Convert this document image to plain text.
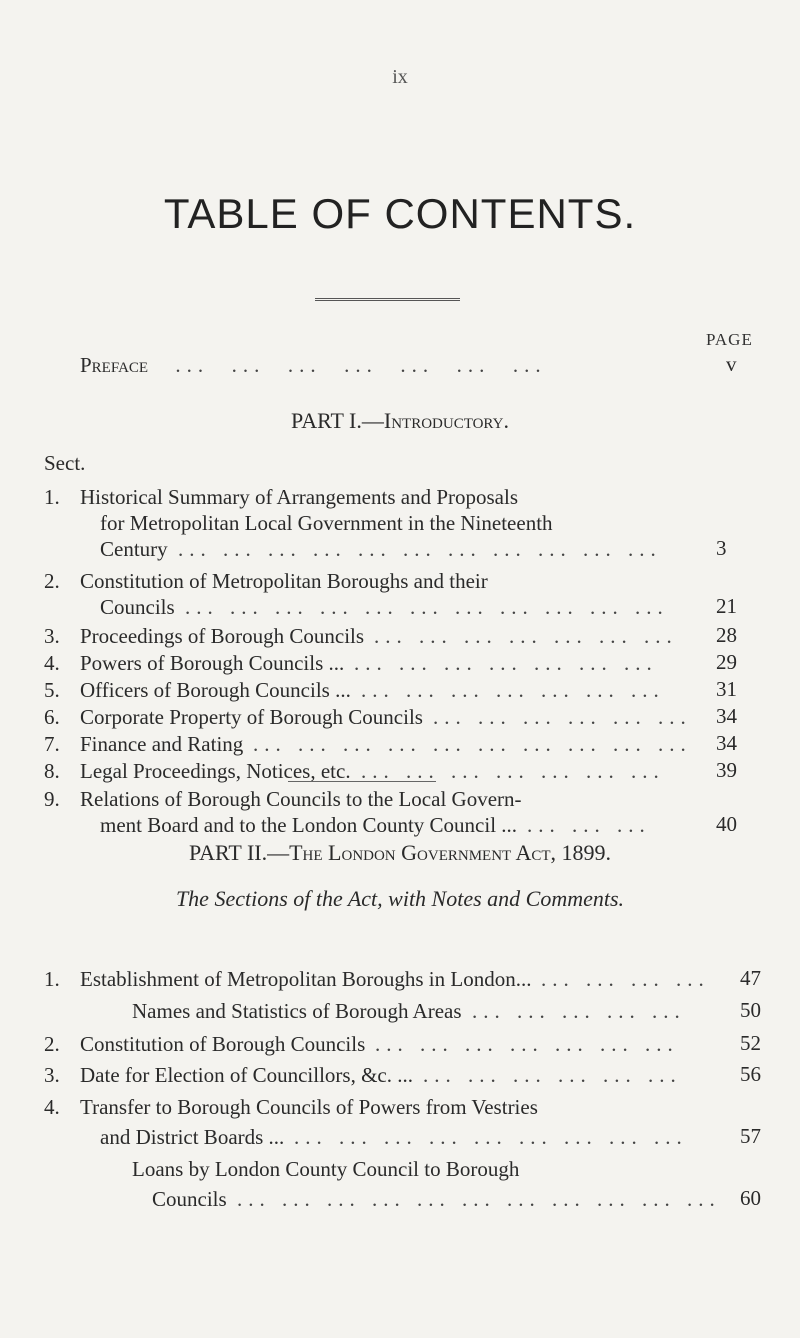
ix
TABLE OF CONTENTS.
PAGE
Preface ...  ...  ...  ...  ...  ...  ...	v
PART I.—Introductory.
Sect.
1. Historical Summary of Arrangements and Proposals
for Metropolitan Local Government in the Nineteenth
Century ... ... ... ... ... ... ... ... ... ... ... 3
2. Constitution of Metropolitan Boroughs and their
Councils ... ... ... ... ... ... ... ... ... ... ... 21
3. Proceedings of Borough Councils ... ... ... ... ... ... ... 28
4. Powers of Borough Councils ... ... ... ... ... ... ... ... 29
5. Officers of Borough Councils ... ... ... ... ... ... ... ... 31
6. Corporate Property of Borough Councils ... ... ... ... ... ... 34
7. Finance and Rating ... ... ... ... ... ... ... ... ... ... 34
8. Legal Proceedings, Notices, etc. ... ... ... ... ... ... ... 39
9. Relations of Borough Councils to the Local Govern-
ment Board and to the London County Council ... ... ... ...	40
PART II.—The London Government Act, 1899.
The Sections of the Act, with Notes and Comments.
1. Establishment of Metropolitan Boroughs in London... ... ... ... ... 47
Names and Statistics of Borough Areas ... ... ... ... ... 50
2. Constitution of Borough Councils ... ... ... ... ... ... ... 52
3. Date for Election of Councillors, &c. ... ... ... ... ... ... ... 56
4. Transfer to Borough Councils of Powers from Vestries
and District Boards ... ... ... ... ... ... ... ... ... ... 57
Loans by London County Council to Borough
Councils ... ... ... ... ... ... ... ... ... ... ... 60
